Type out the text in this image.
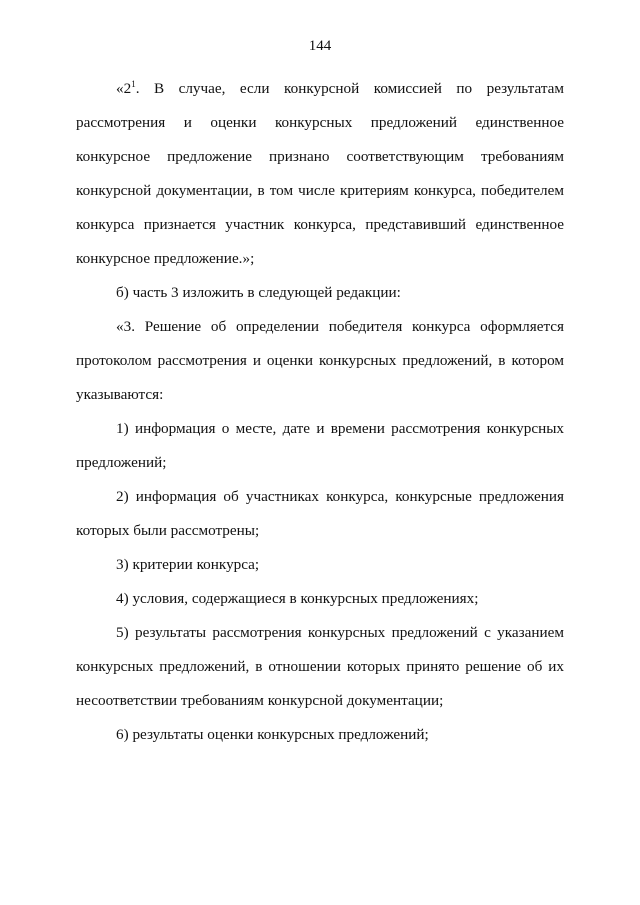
144

«$2^1$. В случае, если конкурсной комиссией по результатам рассмотрения и оценки конкурсных предложений единственное конкурсное предложение признано соответствующим требованиям конкурсной документации, в том числе критериям конкурса, победителем конкурса признается участник конкурса, представивший единственное конкурсное предложение.»;

б) часть 3 изложить в следующей редакции:

«3. Решение об определении победителя конкурса оформляется протоколом рассмотрения и оценки конкурсных предложений, в котором указываются:

1) информация о месте, дате и времени рассмотрения конкурсных предложений;

2) информация об участниках конкурса, конкурсные предложения которых были рассмотрены;

3) критерии конкурса;

4) условия, содержащиеся в конкурсных предложениях;

5) результаты рассмотрения конкурсных предложений с указанием конкурсных предложений, в отношении которых принято решение об их несоответствии требованиям конкурсной документации;

6) результаты оценки конкурсных предложений;
